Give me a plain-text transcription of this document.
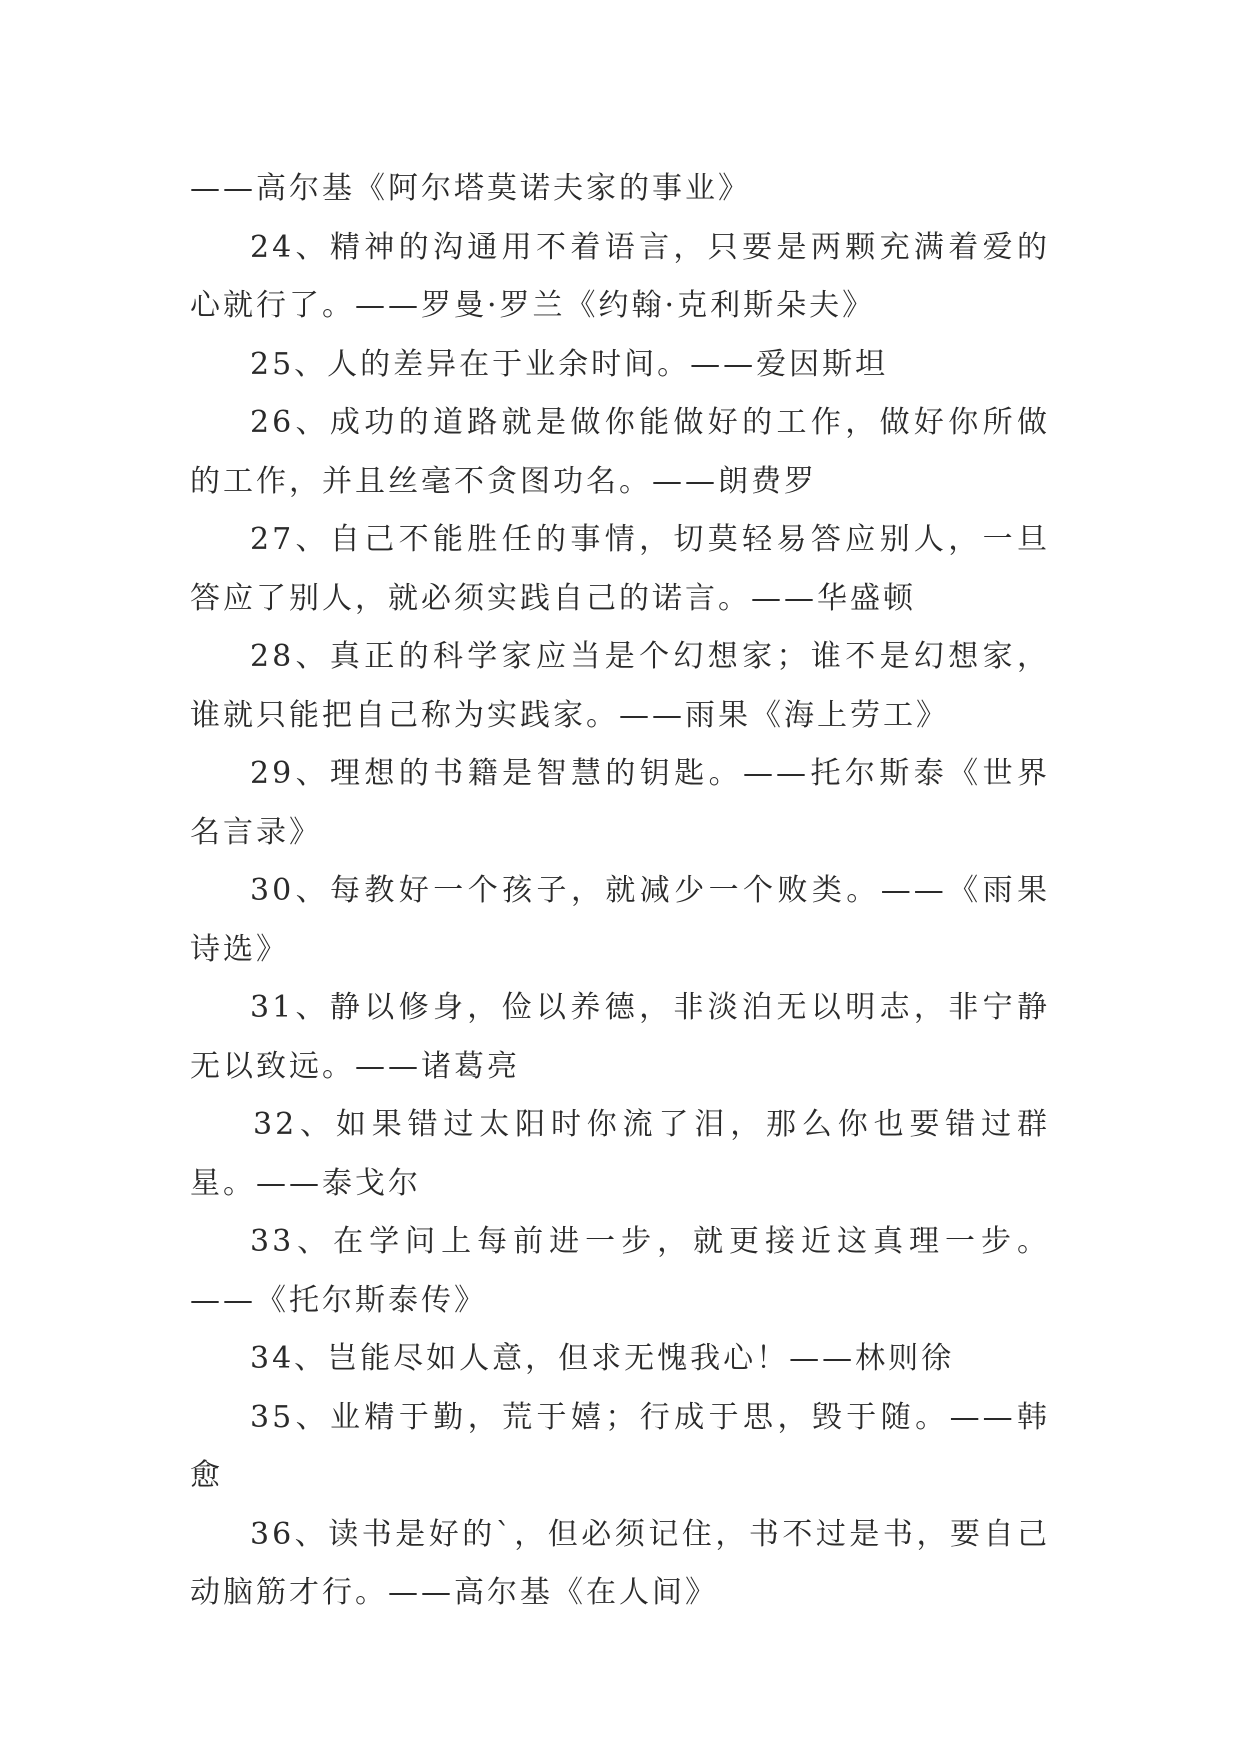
——高尔基《阿尔塔莫诺夫家的事业》

24、精神的沟通用不着语言，只要是两颗充满着爱的心就行了。——罗曼·罗兰《约翰·克利斯朵夫》

25、人的差异在于业余时间。——爱因斯坦

26、成功的道路就是做你能做好的工作，做好你所做的工作，并且丝毫不贪图功名。——朗费罗

27、自己不能胜任的事情，切莫轻易答应别人，一旦答应了别人，就必须实践自己的诺言。——华盛顿

28、真正的科学家应当是个幻想家；谁不是幻想家，谁就只能把自己称为实践家。——雨果《海上劳工》

29、理想的书籍是智慧的钥匙。——托尔斯泰《世界名言录》

30、每教好一个孩子，就减少一个败类。——《雨果诗选》

31、静以修身，俭以养德，非淡泊无以明志，非宁静无以致远。——诸葛亮

32、如果错过太阳时你流了泪，那么你也要错过群星。——泰戈尔

33、在学问上每前进一步，就更接近这真理一步。——《托尔斯泰传》

34、岂能尽如人意，但求无愧我心！——林则徐

35、业精于勤，荒于嬉；行成于思，毁于随。——韩愈

36、读书是好的`，但必须记住，书不过是书，要自己动脑筋才行。——高尔基《在人间》
